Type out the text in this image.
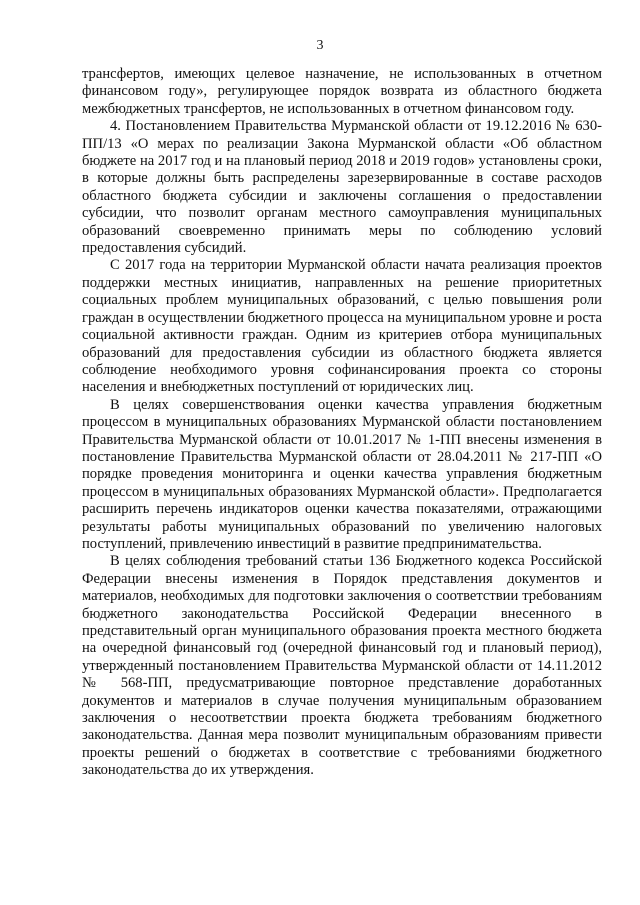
3

трансфертов, имеющих целевое назначение, не использованных в отчетном финансовом году», регулирующее порядок возврата из областного бюджета межбюджетных трансфертов, не использованных в отчетном финансовом году.

4. Постановлением Правительства Мурманской области от 19.12.2016 № 630-ПП/13 «О мерах по реализации Закона Мурманской области «Об областном бюджете на 2017 год и на плановый период 2018 и 2019 годов» установлены сроки, в которые должны быть распределены зарезервированные в составе расходов областного бюджета субсидии и заключены соглашения о предоставлении субсидии, что позволит органам местного самоуправления муниципальных образований своевременно принимать меры по соблюдению условий предоставления субсидий.

С 2017 года на территории Мурманской области начата реализация проектов поддержки местных инициатив, направленных на решение приоритетных социальных проблем муниципальных образований, с целью повышения роли граждан в осуществлении бюджетного процесса на муниципальном уровне и роста социальной активности граждан. Одним из критериев отбора муниципальных образований для предоставления субсидии из областного бюджета является соблюдение необходимого уровня софинансирования проекта со стороны населения и внебюджетных поступлений от юридических лиц.

В целях совершенствования оценки качества управления бюджетным процессом в муниципальных образованиях Мурманской области постановлением Правительства Мурманской области от 10.01.2017 № 1-ПП внесены изменения в постановление Правительства Мурманской области от 28.04.2011 № 217-ПП «О порядке проведения мониторинга и оценки качества управления бюджетным процессом в муниципальных образованиях Мурманской области». Предполагается расширить перечень индикаторов оценки качества показателями, отражающими результаты работы муниципальных образований по увеличению налоговых поступлений, привлечению инвестиций в развитие предпринимательства.

В целях соблюдения требований статьи 136 Бюджетного кодекса Российской Федерации внесены изменения в Порядок представления документов и материалов, необходимых для подготовки заключения о соответствии требованиям бюджетного законодательства Российской Федерации внесенного в представительный орган муниципального образования проекта местного бюджета на очередной финансовый год (очередной финансовый год и плановый период), утвержденный постановлением Правительства Мурманской области от 14.11.2012 № 568-ПП, предусматривающие повторное представление доработанных документов и материалов в случае получения муниципальным образованием заключения о несоответствии проекта бюджета требованиям бюджетного законодательства. Данная мера позволит муниципальным образованиям привести проекты решений о бюджетах в соответствие с требованиями бюджетного законодательства до их утверждения.
